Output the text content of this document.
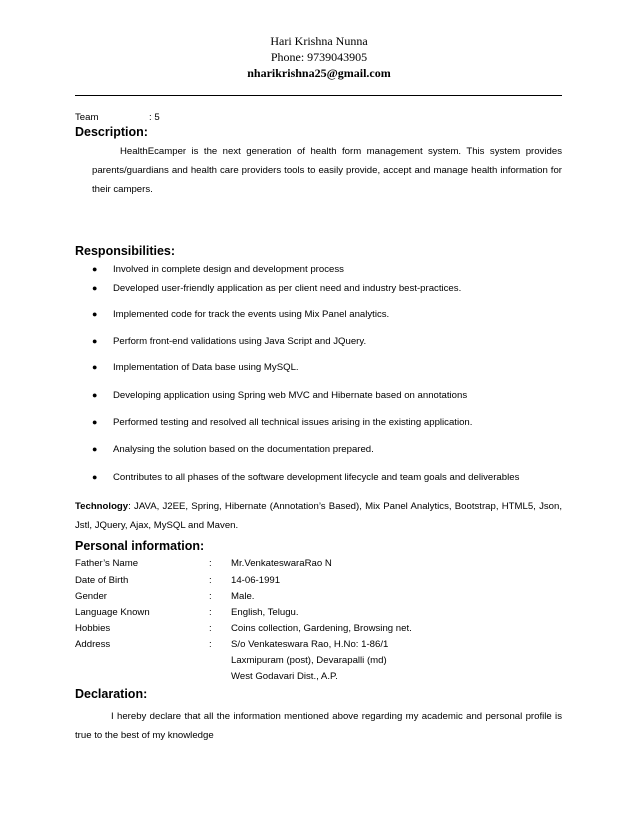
Hari Krishna Nunna
Phone: 9739043905
nharikrishna25@gmail.com
Team	: 5
Description:
HealthEcamper is the next generation of health form management system. This system provides parents/guardians and health care providers tools to easily provide, accept and manage health information for their campers.
Responsibilities:
● Involved in complete design and development process
● Developed user-friendly application as per client need and industry best-practices.
● Implemented code for track the events using Mix Panel analytics.
● Perform front-end validations using Java Script and JQuery.
● Implementation of Data base using MySQL.
● Developing application using Spring web MVC and Hibernate based on annotations
● Performed testing and resolved all technical issues arising in the existing application.
● Analysing the solution based on the documentation prepared.
● Contributes to all phases of the software development lifecycle and team goals and deliverables
Technology: JAVA, J2EE, Spring, Hibernate (Annotation’s Based), Mix Panel Analytics, Bootstrap, HTML5, Json, Jstl, JQuery, Ajax, MySQL and Maven.
Personal information:
Father’s Name	: Mr.VenkateswaraRao N
Date of Birth	: 14-06-1991
Gender	: Male.
Language Known	: English, Telugu.
Hobbies	: Coins collection, Gardening, Browsing net.
Address	: S/o Venkateswara Rao, H.No: 1-86/1
Laxmipuram (post), Devarapalli (md)
West Godavari Dist., A.P.
Declaration:
I hereby declare that all the information mentioned above regarding my academic and personal profile is true to the best of my knowledge
